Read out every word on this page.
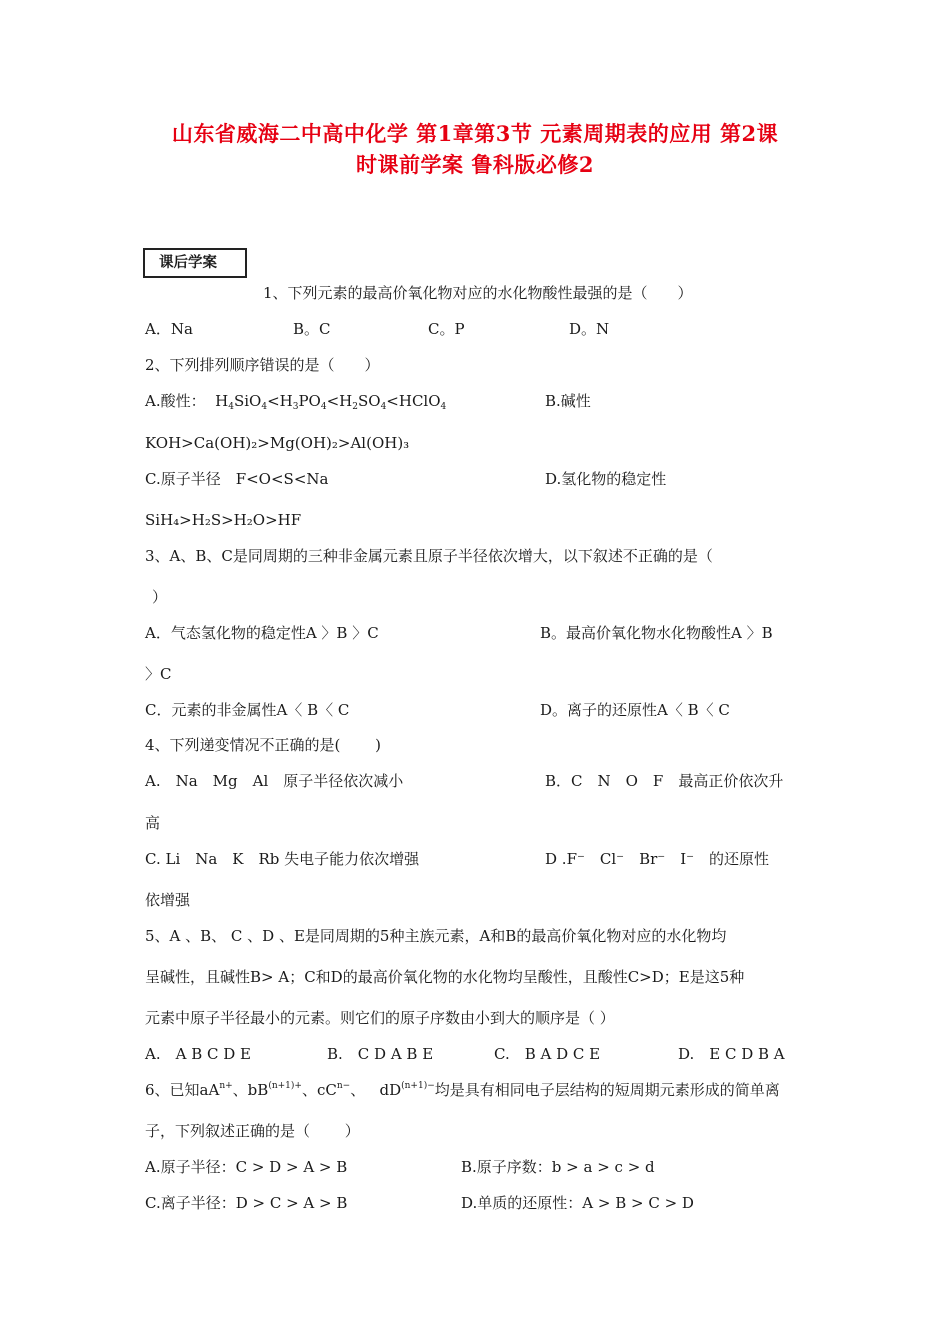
山东省威海二中高中化学 第1章第3节 元素周期表的应用 第2课
时课前学案 鲁科版必修2
课后学案
1、下列元素的最高价氧化物对应的水化物酸性最强的是（　　）
A．Na	B。C	C。P	D。N
2、下列排列顺序错误的是（　　）
A.酸性：  $H_4SiO_4<H_3PO_4<H_2SO_4<HClO_4$	B.碱性
KOH>Ca(OH)₂>Mg(OH)₂>Al(OH)₃
C.原子半径　F<O<S<Na	D.氢化物的稳定性
SiH₄>H₂S>H₂O>HF
3、A、B、C是同周期的三种非金属元素且原子半径依次增大，以下叙述不正确的是（
）
A．气态氢化物的稳定性A 〉B 〉C	B。最高价氧化物水化物酸性A 〉B
〉C
C．元素的非金属性A〈 B〈 C	D。离子的还原性A〈 B〈 C
4、下列递变情况不正确的是(　　 )
A.　Na　Mg　Al　原子半径依次减小	B．C　N　O　F　最高正价依次升
高
C. Li　Na　K　Rb 失电子能力依次增强	D .F⁻　Cl⁻　Br⁻　I⁻　的还原性
依增强
5、A 、B、 C 、D 、E是同周期的5种主族元素，A和B的最高价氧化物对应的水化物均
呈碱性，且碱性B> A；C和D的最高价氧化物的水化物均呈酸性，且酸性C>D；E是这5种
元素中原子半径最小的元素。则它们的原子序数由小到大的顺序是（ ）
A.　A B C D E	B.　C D A B E	C.　B A D C E	D.　E C D B A
6、已知$aA^{n+}$、$bB^{(n+1)+}$、$cC^{n-}$、   $dD^{(n+1)-}$均是具有相同电子层结构的短周期元素形成的简单离
子，下列叙述正确的是（　　 ）
A.原子半径：C > D > A > B	B.原子序数：b > a > c > d
C.离子半径：D > C > A > B	D.单质的还原性：A > B > C > D
